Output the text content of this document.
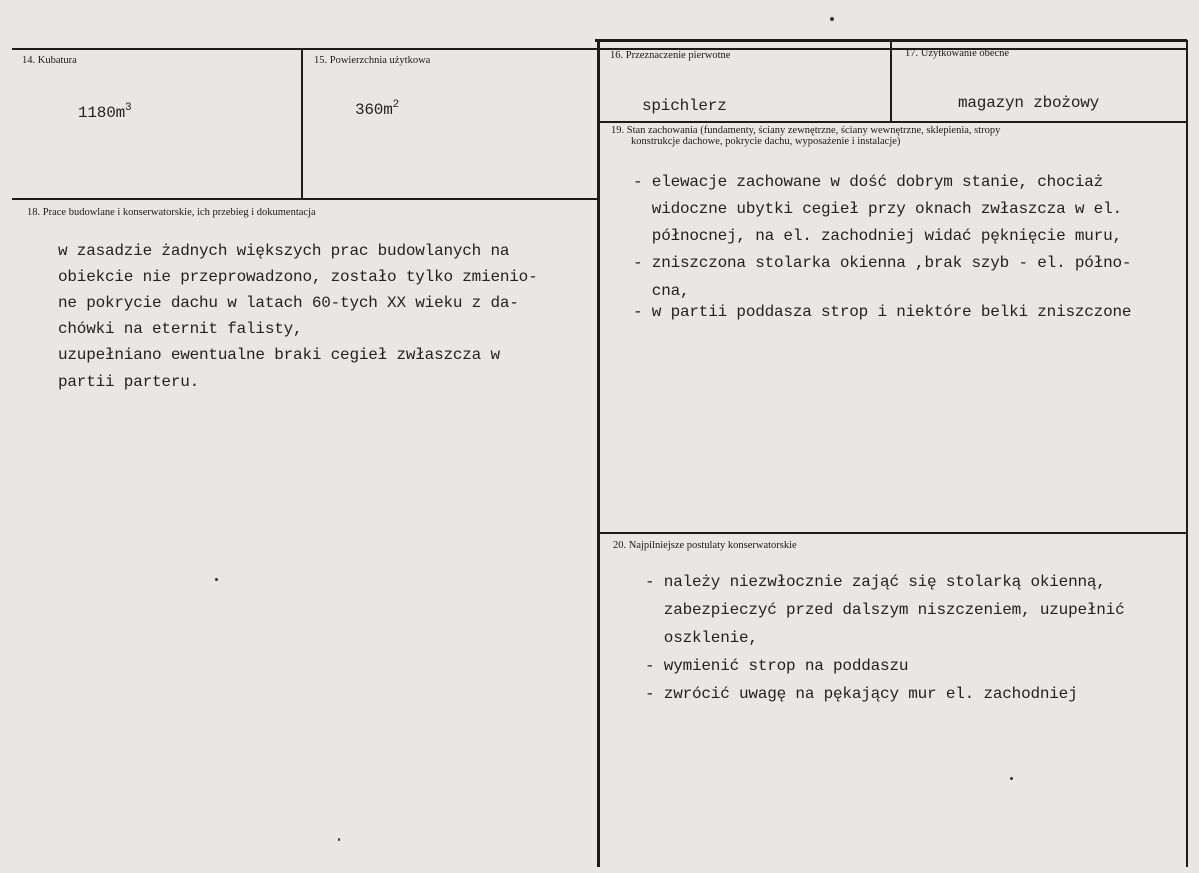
14. Kubatura
$1180m^3$
15. Powierzchnia użytkowa
$360m^2$
16. Przeznaczenie pierwotne
spichlerz
17. Użytkowanie obecne
magazyn zbożowy
18. Prace budowlane i konserwatorskie, ich przebieg i dokumentacja
w zasadzie żadnych większych prac budowlanych na
obiekcie nie przeprowadzono, zostało tylko zmienio-
ne pokrycie dachu w latach 60-tych XX wieku z da-
chówki na eternit falisty,
uzupełniano ewentualne braki cegieł zwłaszcza w
partii parteru.
19. Stan zachowania (fundamenty, ściany zewnętrzne, ściany wewnętrzne, sklepienia, stropy
konstrukcje dachowe, pokrycie dachu, wyposażenie i instalacje)
- elewacje zachowane w dość dobrym stanie, chociaż
widoczne ubytki cegieł przy oknach zwłaszcza w el.
północnej, na el. zachodniej widać pęknięcie muru,
- zniszczona stolarka okienna ,brak szyb - el. półno-
cna,
- w partii poddasza strop i niektóre belki zniszczone
20. Najpilniejsze postulaty konserwatorskie
- należy niezwłocznie zająć się stolarką okienną,
zabezpieczyć przed dalszym niszczeniem, uzupełnić
oszklenie,
- wymienić strop na poddaszu
- zwrócić uwagę na pękający mur el. zachodniej
